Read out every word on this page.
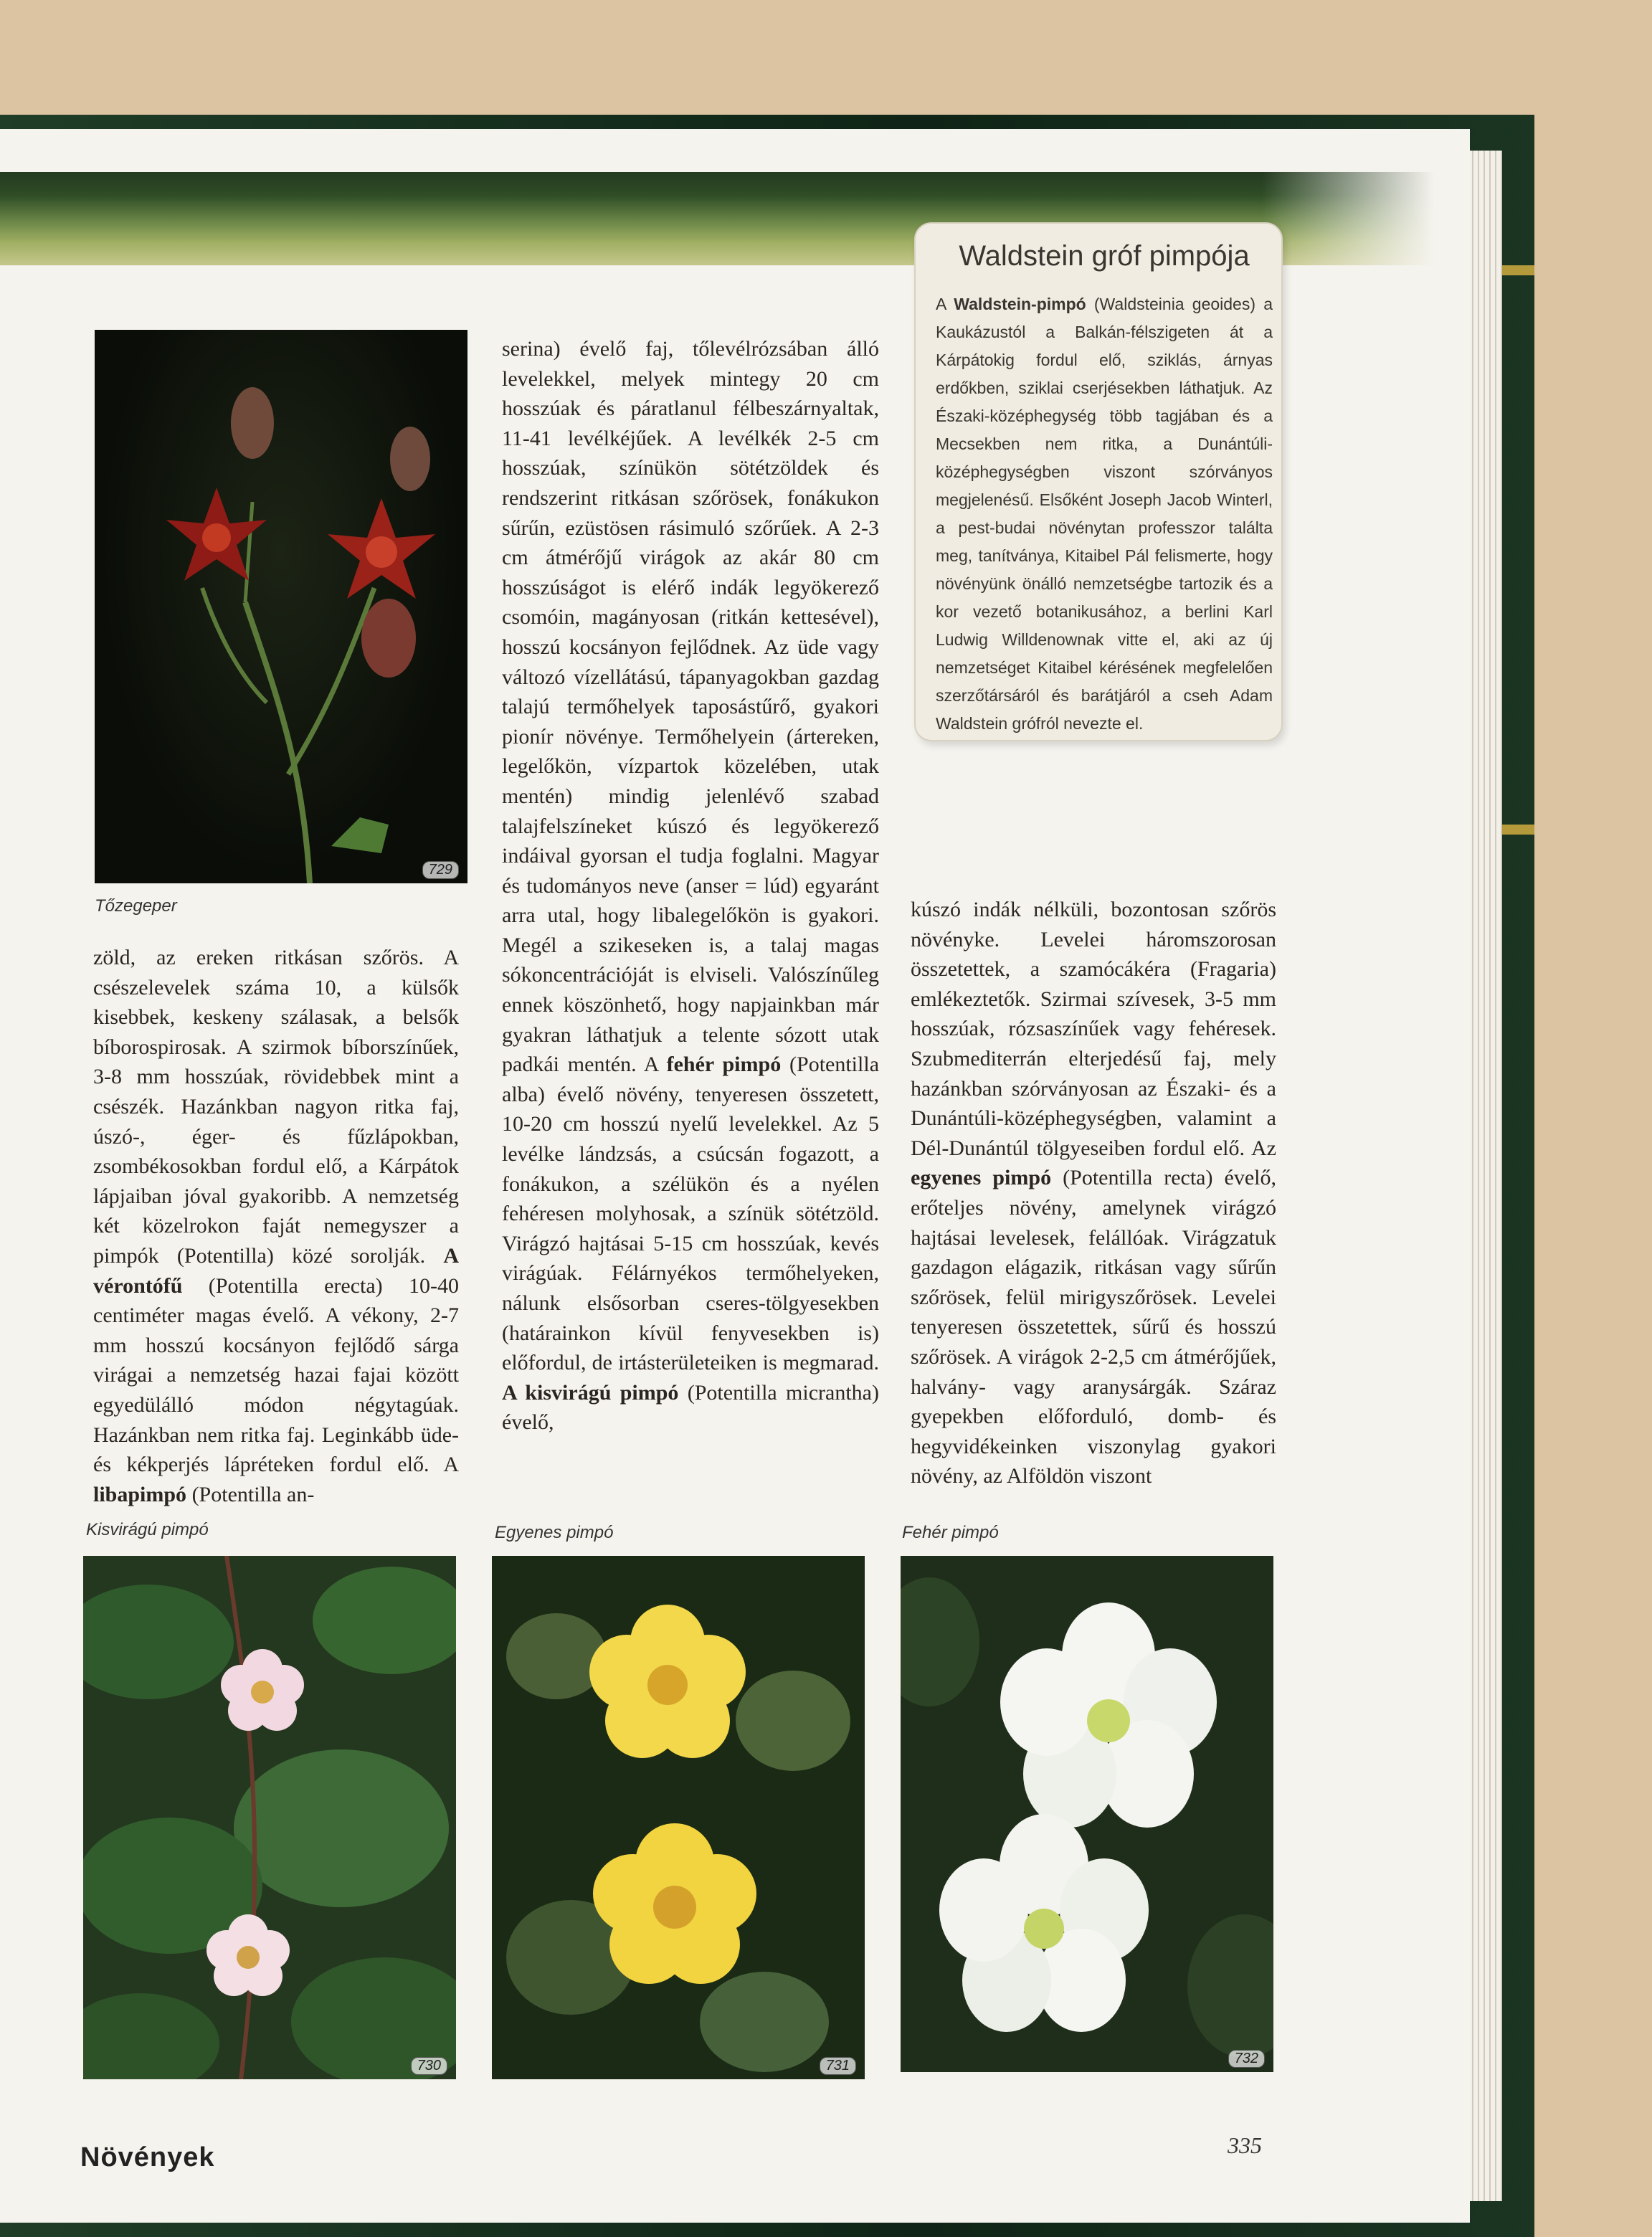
729
Tőzegeper
zöld, az ereken ritkásan szőrös. A csészelevelek száma 10, a külsők kisebbek, keskeny szálasak, a belsők bíborospirosak. A szirmok bíborszínűek, 3-8 mm hosszúak, rövidebbek mint a csészék. Hazánkban nagyon ritka faj, úszó-, éger- és fűzlápokban, zsombékosokban fordul elő, a Kárpátok lápjaiban jóval gyakoribb. A nemzetség két közelrokon faját nemegyszer a pimpók (Potentilla) közé sorolják. A vérontófű (Potentilla erecta) 10-40 centiméter magas évelő. A vékony, 2-7 mm hosszú kocsányon fejlődő sárga virágai a nemzetség hazai fajai között egyedülálló módon négytagúak. Hazánkban nem ritka faj. Leginkább üde- és kékperjés lápréteken fordul elő. A libapimpó (Potentilla an-
serina) évelő faj, tőlevélrózsában álló levelekkel, melyek mintegy 20 cm hosszúak és páratlanul félbeszárnyaltak, 11-41 levélkéjűek. A levélkék 2-5 cm hosszúak, színükön sötétzöldek és rendszerint ritkásan szőrösek, fonákukon sűrűn, ezüstösen rásimuló szőrűek. A 2-3 cm átmérőjű virágok az akár 80 cm hosszúságot is elérő indák legyökerező csomóin, magányosan (ritkán kettesével), hosszú kocsányon fejlődnek. Az üde vagy változó vízellátású, tápanyagokban gazdag talajú termőhelyek taposástűrő, gyakori pionír növénye. Termőhelyein (ártereken, legelőkön, vízpartok közelében, utak mentén) mindig jelenlévő szabad talajfelszíneket kúszó és legyökerező indáival gyorsan el tudja foglalni. Magyar és tudományos neve (anser = lúd) egyaránt arra utal, hogy libalegelőkön is gyakori. Megél a szikeseken is, a talaj magas sókoncentrációját is elviseli. Valószínűleg ennek köszönhető, hogy napjainkban már gyakran láthatjuk a telente sózott utak padkái mentén. A fehér pimpó (Potentilla alba) évelő növény, tenyeresen összetett, 10-20 cm hosszú nyelű levelekkel. Az 5 levélke lándzsás, a csúcsán fogazott, a fonákukon, a szélükön és a nyélen fehéresen molyhosak, a színük sötétzöld. Virágzó hajtásai 5-15 cm hosszúak, kevés virágúak. Félárnyékos termőhelyeken, nálunk elsősorban cseres-tölgyesekben (határainkon kívül fenyvesekben is) előfordul, de irtásterületeiken is megmarad. A kisvirágú pimpó (Potentilla micrantha) évelő,
kúszó indák nélküli, bozontosan szőrös növényke. Levelei háromszorosan összetettek, a szamócákéra (Fragaria) emlékeztetők. Szirmai szívesek, 3-5 mm hosszúak, rózsaszínűek vagy fehéresek. Szubmediterrán elterjedésű faj, mely hazánkban szórványosan az Északi- és a Dunántúli-középhegységben, valamint a Dél-Dunántúl tölgyeseiben fordul elő. Az egyenes pimpó (Potentilla recta) évelő, erőteljes növény, amelynek virágzó hajtásai levelesek, felállóak. Virágzatuk gazdagon elágazik, ritkásan vagy sűrűn szőrösek, felül mirigyszőrösek. Levelei tenyeresen összetettek, sűrű és hosszú szőrösek. A virágok 2-2,5 cm átmérőjűek, halvány- vagy aranysárgák. Száraz gyepekben előforduló, domb- és hegyvidékeinken viszonylag gyakori növény, az Alföldön viszont
Waldstein gróf pimpója
A Waldstein-pimpó (Waldsteinia geoides) a Kaukázustól a Balkán-félszigeten át a Kárpátokig fordul elő, sziklás, árnyas erdőkben, sziklai cserjésekben láthatjuk. Az Északi-középhegység több tagjában és a Mecsekben nem ritka, a Dunántúli-középhegységben viszont szórványos megjelenésű. Elsőként Joseph Jacob Winterl, a pest-budai növénytan professzor találta meg, tanítványa, Kitaibel Pál felismerte, hogy növényünk önálló nemzetségbe tartozik és a kor vezető botanikusához, a berlini Karl Ludwig Willdenownak vitte el, aki az új nemzetséget Kitaibel kérésének megfelelően szerzőtársáról és barátjáról a cseh Adam Waldstein grófról nevezte el.
Kisvirágú pimpó	Egyenes pimpó	Fehér pimpó
730	731	732
Növények	335
